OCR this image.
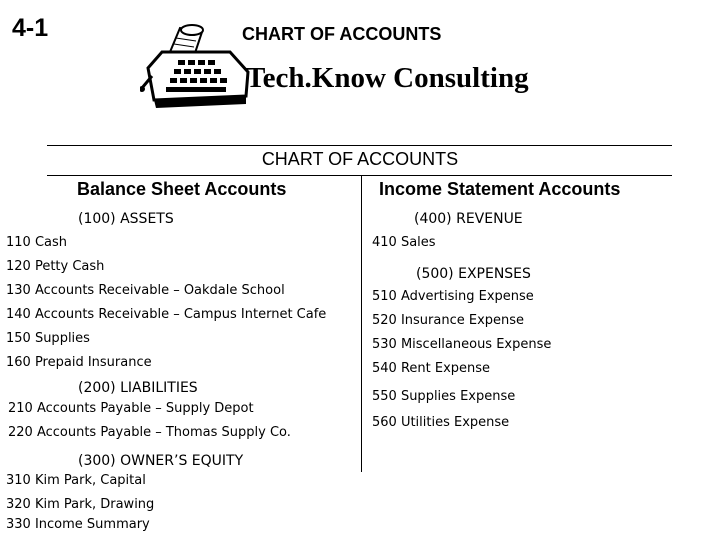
4-1	CHART OF ACCOUNTS
Tech.Know Consulting
CHART OF ACCOUNTS
Balance Sheet Accounts	Income Statement Accounts
(100) ASSETS
110 Cash
120 Petty Cash
130 Accounts Receivable – Oakdale School
140 Accounts Receivable – Campus Internet Cafe
150 Supplies
160 Prepaid Insurance
(200) LIABILITIES
210 Accounts Payable – Supply Depot
220 Accounts Payable – Thomas Supply Co.
(300) OWNER’S EQUITY
310 Kim Park, Capital
320 Kim Park, Drawing
330 Income Summary
(400) REVENUE
410 Sales
(500) EXPENSES
510 Advertising Expense
520 Insurance Expense
530 Miscellaneous Expense
540 Rent Expense
550 Supplies Expense
560 Utilities Expense
